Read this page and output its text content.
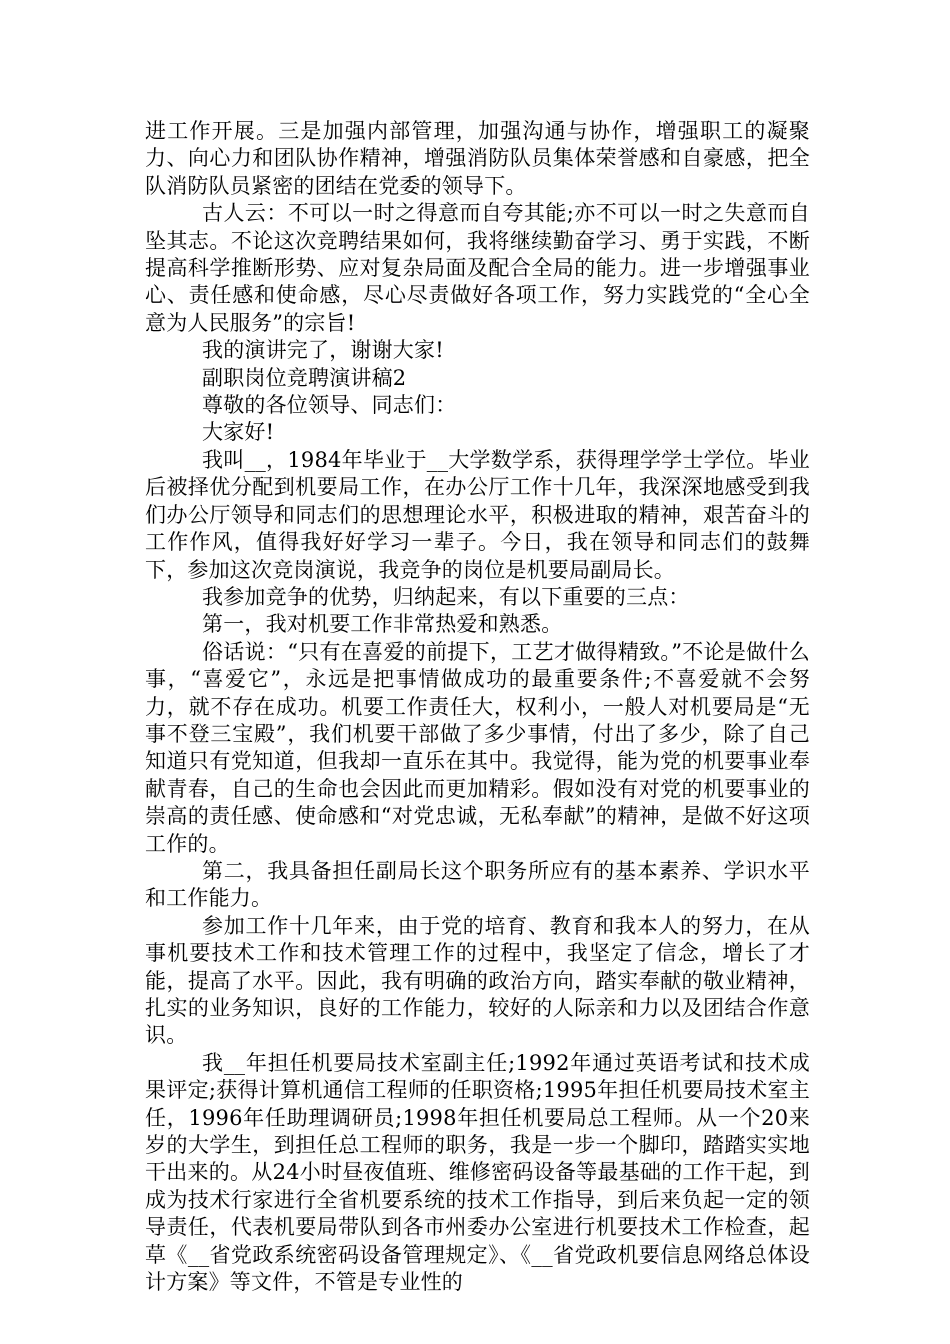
进工作开展。三是加强内部管理，加强沟通与协作，增强职工的凝聚力、向心力和团队协作精神，增强消防队员集体荣誉感和自豪感，把全队消防队员紧密的团结在党委的领导下。

古人云：不可以一时之得意而自夸其能;亦不可以一时之失意而自坠其志。不论这次竞聘结果如何，我将继续勤奋学习、勇于实践，不断提高科学推断形势、应对复杂局面及配合全局的能力。进一步增强事业心、责任感和使命感，尽心尽责做好各项工作，努力实践党的“全心全意为人民服务”的宗旨!

我的演讲完了，谢谢大家!

副职岗位竞聘演讲稿2

尊敬的各位领导、同志们：

大家好!

我叫__，1984年毕业于__大学数学系，获得理学学士学位。毕业后被择优分配到机要局工作，在办公厅工作十几年，我深深地感受到我们办公厅领导和同志们的思想理论水平，积极进取的精神，艰苦奋斗的工作作风，值得我好好学习一辈子。今日，我在领导和同志们的鼓舞下，参加这次竞岗演说，我竞争的岗位是机要局副局长。

我参加竞争的优势，归纳起来，有以下重要的三点：

第一，我对机要工作非常热爱和熟悉。

俗话说：“只有在喜爱的前提下，工艺才做得精致。”不论是做什么事，“喜爱它”，永远是把事情做成功的最重要条件;不喜爱就不会努力，就不存在成功。机要工作责任大，权利小，一般人对机要局是“无事不登三宝殿”，我们机要干部做了多少事情，付出了多少，除了自己知道只有党知道，但我却一直乐在其中。我觉得，能为党的机要事业奉献青春，自己的生命也会因此而更加精彩。假如没有对党的机要事业的崇高的责任感、使命感和“对党忠诚，无私奉献”的精神，是做不好这项工作的。

第二，我具备担任副局长这个职务所应有的基本素养、学识水平和工作能力。

参加工作十几年来，由于党的培育、教育和我本人的努力，在从事机要技术工作和技术管理工作的过程中，我坚定了信念，增长了才能，提高了水平。因此，我有明确的政治方向，踏实奉献的敬业精神，扎实的业务知识，良好的工作能力，较好的人际亲和力以及团结合作意识。

我__年担任机要局技术室副主任;1992年通过英语考试和技术成果评定;获得计算机通信工程师的任职资格;1995年担任机要局技术室主任，1996年任助理调研员;1998年担任机要局总工程师。从一个20来岁的大学生，到担任总工程师的职务，我是一步一个脚印，踏踏实实地干出来的。从24小时昼夜值班、维修密码设备等最基础的工作干起，到成为技术行家进行全省机要系统的技术工作指导，到后来负起一定的领导责任，代表机要局带队到各市州委办公室进行机要技术工作检查，起草《__省党政系统密码设备管理规定》、《__省党政机要信息网络总体设计方案》等文件，不管是专业性的
